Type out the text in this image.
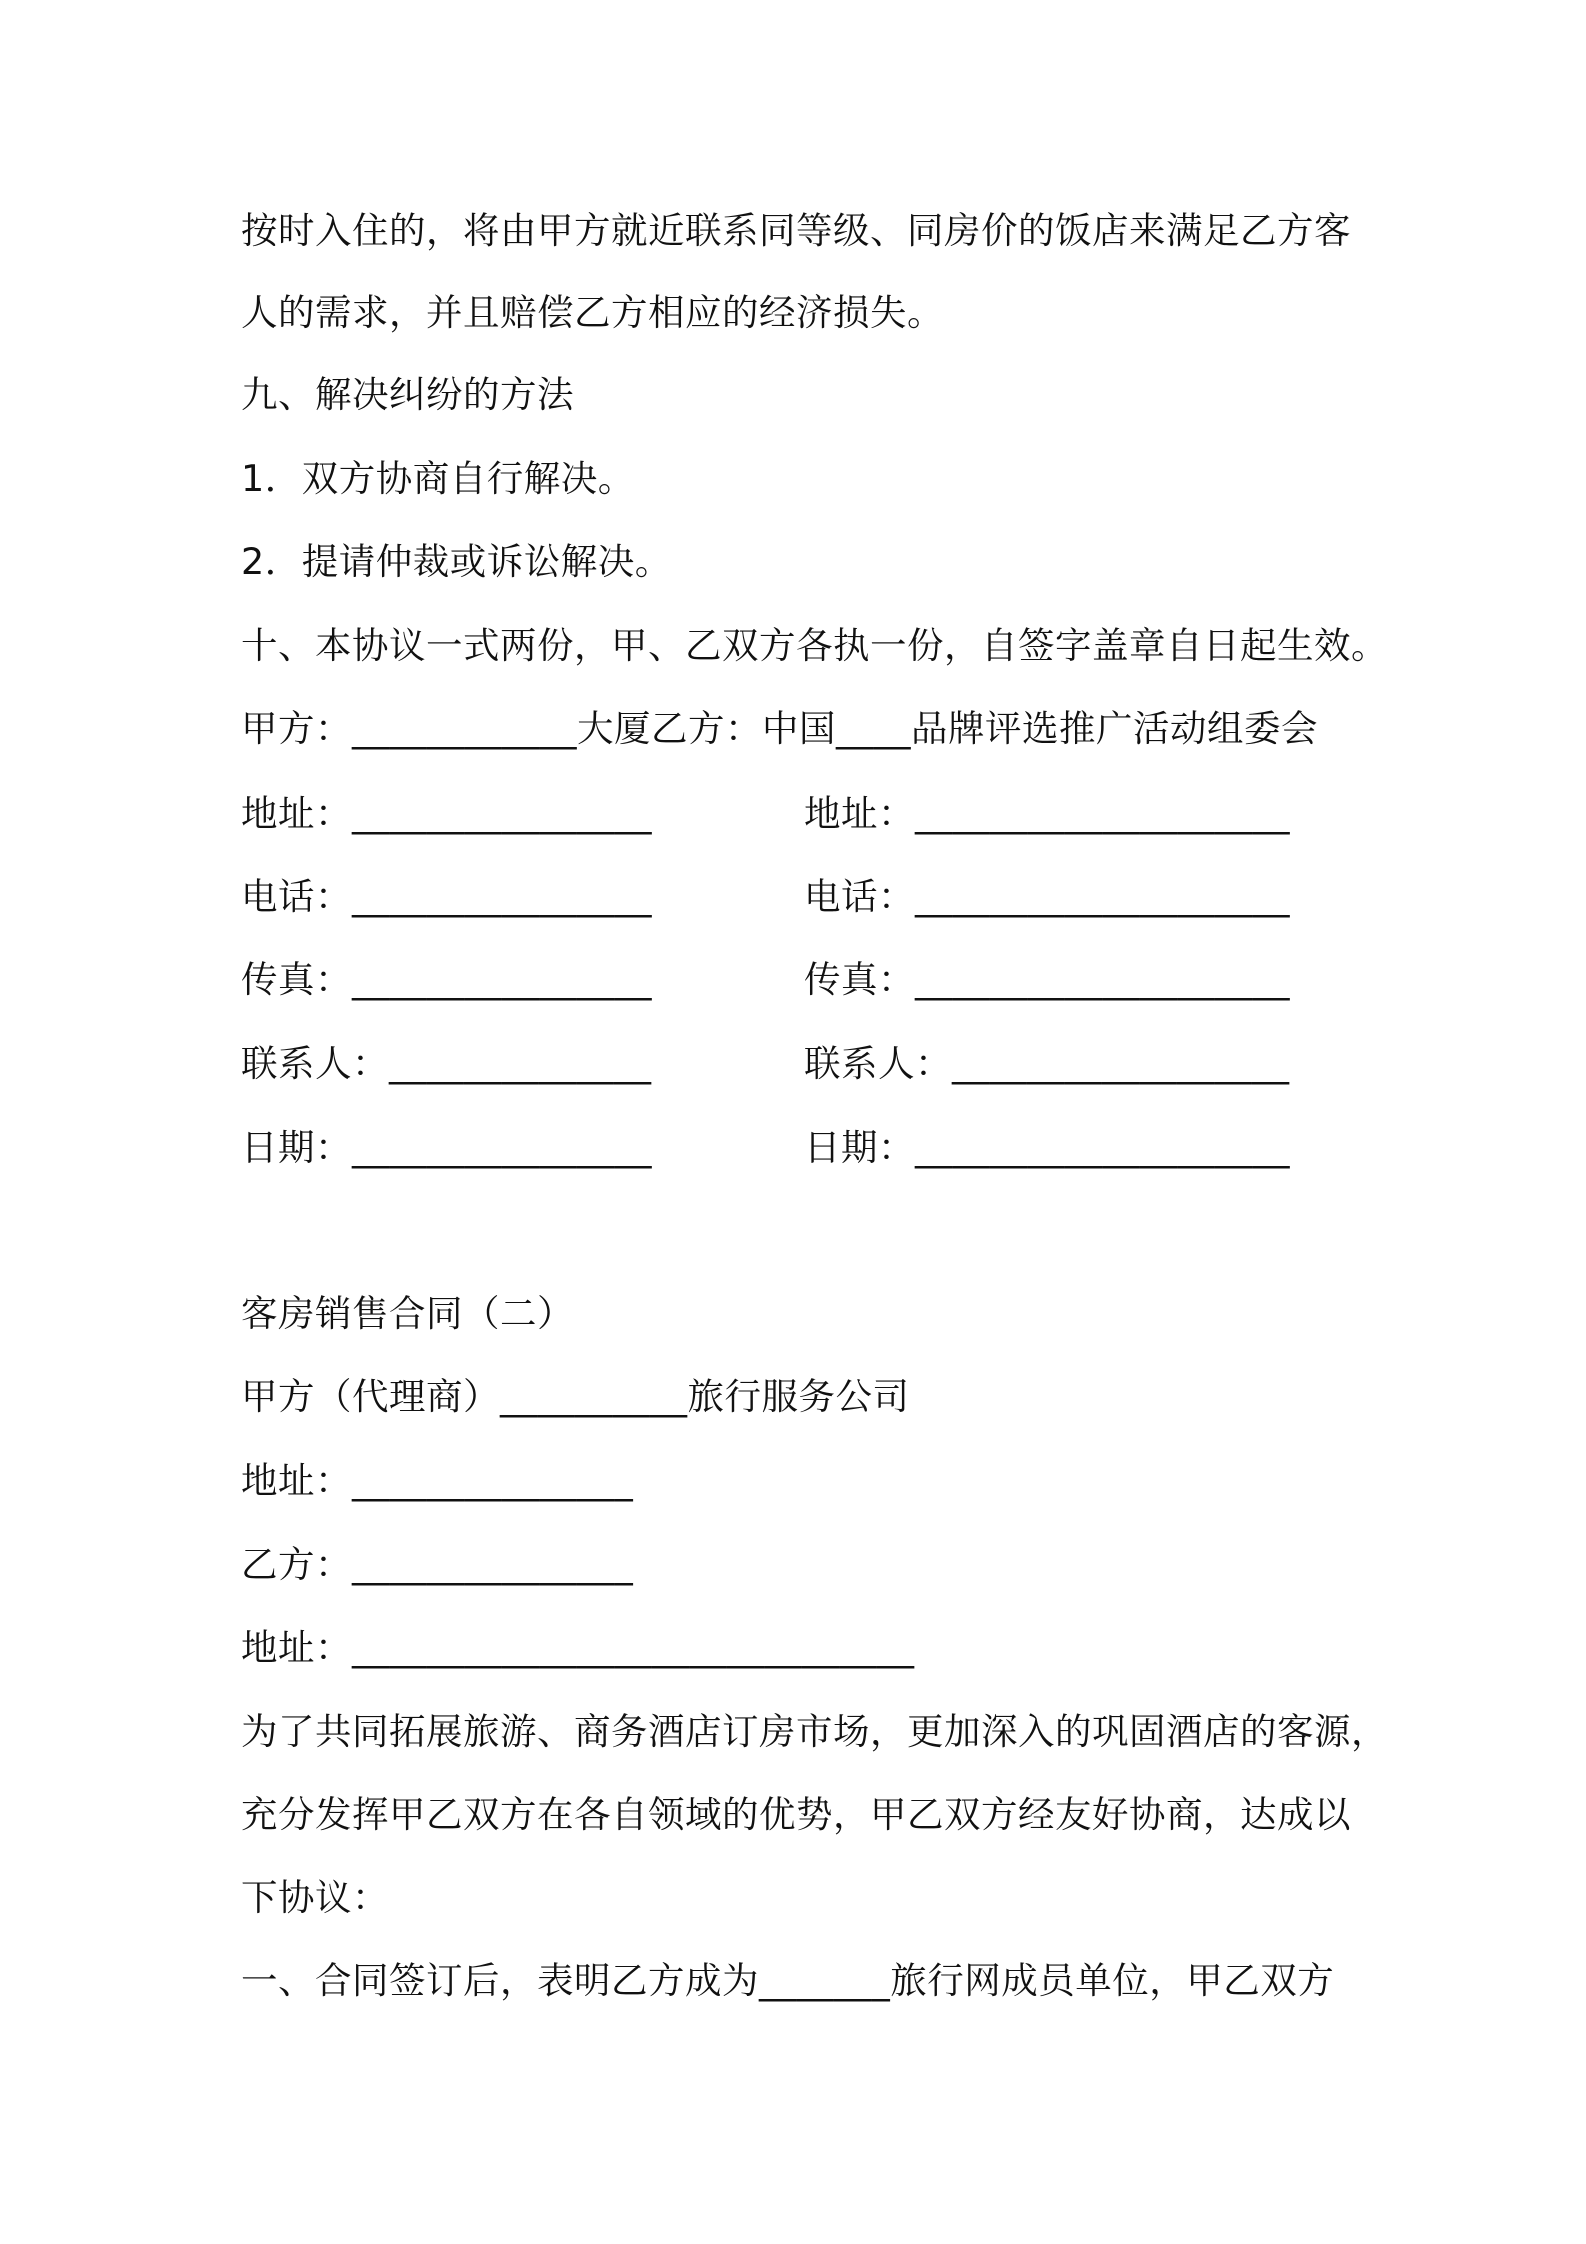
按时入住的，将由甲方就近联系同等级、同房价的饭店来满足乙方客
人的需求，并且赔偿乙方相应的经济损失。
九、解决纠纷的方法
1．双方协商自行解决。
2．提请仲裁或诉讼解决。
十、本协议一式两份，甲、乙双方各执一份，自签字盖章自日起生效。
甲方：____________大厦乙方：中国____品牌评选推广活动组委会
地址：________________	地址：____________________
电话：________________	电话：____________________
传真：________________	传真：____________________
联系人：______________	联系人：__________________
日期：________________	日期：____________________
客房销售合同（二）
甲方（代理商）__________旅行服务公司
地址：_______________
乙方：_______________
地址：______________________________
为了共同拓展旅游、商务酒店订房市场，更加深入的巩固酒店的客源，
充分发挥甲乙双方在各自领域的优势，甲乙双方经友好协商，达成以
下协议：
一、合同签订后，表明乙方成为_______旅行网成员单位，甲乙双方
